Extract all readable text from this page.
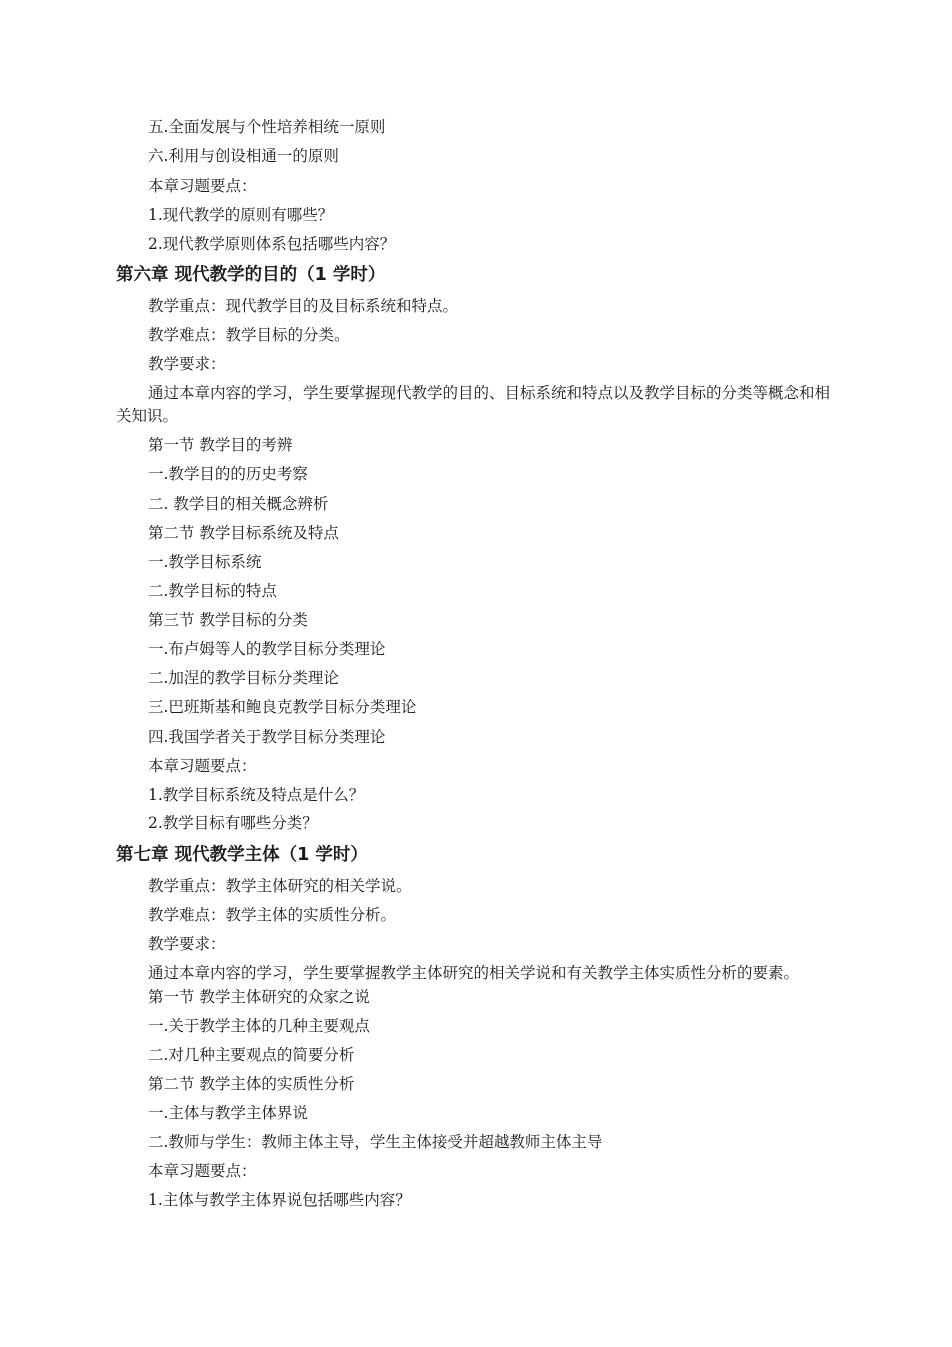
五.全面发展与个性培养相统一原则
六.利用与创设相通一的原则
本章习题要点：
1.现代教学的原则有哪些？
2.现代教学原则体系包括哪些内容？
第六章 现代教学的目的（1 学时）
教学重点：现代教学目的及目标系统和特点。
教学难点：教学目标的分类。
教学要求：
通过本章内容的学习，学生要掌握现代教学的目的、目标系统和特点以及教学目标的分类等概念和相关知识。
第一节 教学目的考辨
一.教学目的的历史考察
二. 教学目的相关概念辨析
第二节 教学目标系统及特点
一.教学目标系统
二.教学目标的特点
第三节 教学目标的分类
一.布卢姆等人的教学目标分类理论
二.加涅的教学目标分类理论
三.巴班斯基和鲍良克教学目标分类理论
四.我国学者关于教学目标分类理论
本章习题要点：
1.教学目标系统及特点是什么？
2.教学目标有哪些分类？
第七章 现代教学主体（1 学时）
教学重点：教学主体研究的相关学说。
教学难点：教学主体的实质性分析。
教学要求：
通过本章内容的学习，学生要掌握教学主体研究的相关学说和有关教学主体实质性分析的要素。
第一节 教学主体研究的众家之说
一.关于教学主体的几种主要观点
二.对几种主要观点的简要分析
第二节 教学主体的实质性分析
一.主体与教学主体界说
二.教师与学生：教师主体主导，学生主体接受并超越教师主体主导
本章习题要点：
1.主体与教学主体界说包括哪些内容？
